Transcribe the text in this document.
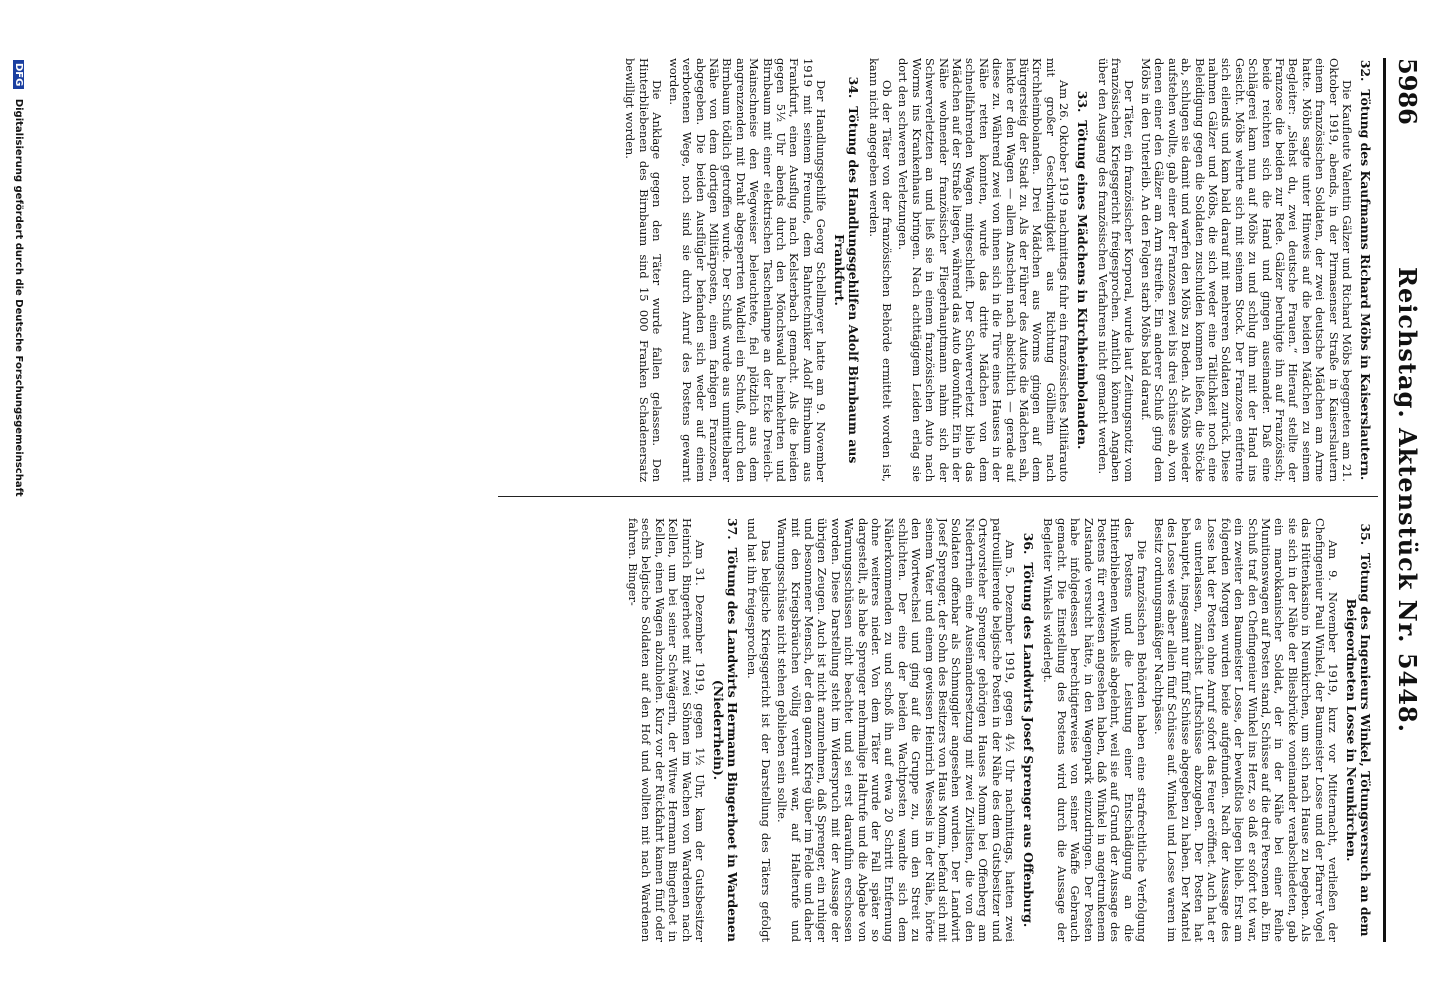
5986
Reichstag. Aktenstück Nr. 5448.
32.Tötung des Kaufmanns Richard Möbs in Kaiserslautern.

Die Kaufleute Valentin Gälzer und Richard Möbs begegneten am 21. Oktober 1919, abends, in der Pirmasenser Straße in Kaiserslautern einem französischen Soldaten, der zwei deutsche Mädchen am Arme hatte. Möbs sagte unter Hinweis auf die beiden Mädchen zu seinem Begleiter: „Siehst du, zwei deutsche Frauen.“ Hierauf stellte der Franzose die beiden zur Rede. Gälzer beruhigte ihn auf Französisch; beide reichten sich die Hand und gingen auseinander. Daß eine Schlägerei kam nun auf Möbs zu und schlug ihm mit der Hand ins Gesicht. Möbs wehrte sich mit seinem Stock. Der Franzose entfernte sich eilends und kam bald darauf mit mehreren Soldaten zurück. Diese nahmen Gälzer und Möbs, die sich weder eine Tätlichkeit noch eine Beleidigung gegen die Soldaten zuschulden kommen ließen, die Stöcke ab, schlugen sie damit und warfen den Möbs zu Boden. Als Möbs wieder aufstehen wollte, gab einer der Franzosen zwei bis drei Schüsse ab, von denen einer den Gälzer am Arm streifte. Ein anderer Schuß ging dem Möbs in den Unterleib. An den Folgen starb Möbs bald darauf.

Der Täter, ein französischer Korporal, wurde laut Zeitungsnotiz vom französischen Kriegsgericht freigesprochen. Amtlich können Angaben über den Ausgang des französischen Verfahrens nicht gemacht werden.

33.Tötung eines Mädchens in Kirchheimbolanden.

Am 26. Oktober 1919 nachmittags fuhr ein französisches Militärauto mit großer Geschwindigkeit aus Richtung Göllheim nach Kirchheimbolanden. Drei Mädchen aus Worms gingen auf dem Bürgersteig der Stadt zu. Als der Führer des Autos die Mädchen sah, lenkte er den Wagen — allem Anschein nach absichtlich — gerade auf diese zu. Während zwei von ihnen sich in die Türe eines Hauses in der Nähe retten konnten, wurde das dritte Mädchen von dem schnellfahrenden Wagen mitgeschleift. Der Schwerverletzt blieb das Mädchen auf der Straße liegen, während das Auto davonfuhr. Ein in der Nähe wohnender französischer Fliegerhauptmann nahm sich der Schwerverletzten an und ließ sie in einem französischen Auto nach Worms ins Krankenhaus bringen. Nach achttägigem Leiden erlag sie dort den schweren Verletzungen.

Ob der Täter von der französischen Behörde ermittelt worden ist, kann nicht angegeben werden.

34.Tötung des Handlungsgehilfen Adolf Birnbaum aus Frankfurt.

Der Handlungsgehilfe Georg Schellmeyer hatte am 9. November 1919 mit seinem Freunde, dem Bahntechniker Adolf Birnbaum aus Frankfurt, einen Ausflug nach Kelsterbach gemacht. Als die beiden gegen 5½ Uhr abends durch den Mönchswald heimkehrten und Birnbaum mit einer elektrischen Taschenlampe an der Ecke Dreieich-Mainschneise den Wegweiser beleuchtete, fiel plötzlich aus dem angrenzenden mit Draht abgesperrten Waldteil ein Schuß, durch den Birnbaum tödlich getroffen wurde. Der Schuß wurde aus unmittelbarer Nähe von dem dortigen Militärposten, einem farbigen Franzosen, abgegeben. Die beiden Ausflügler befanden sich weder auf einem verbotenen Wege, noch sind sie durch Anruf des Postens gewarnt worden.

Die Anklage gegen den Täter wurde fallen gelassen. Den Hinterbliebenen des Birnbaum sind 15 000 Franken Schadenersatz bewilligt worden.

35.Tötung des Ingenieurs Winkel, Tötungsversuch an dem Beigeordneten Losse in Neunkirchen.

Am 9. November 1919, kurz vor Mitternacht, verließen der Chefingenieur Paul Winkel, der Baumeister Losse und der Pfarrer Vogel das Hüttenkasino in Neunkirchen, um sich nach Hause zu begeben. Als sie sich in der Nähe der Bliesbrücke voneinander verabschiedeten, gab ein marokkanischer Soldat, der in der Nähe bei einer Reihe Munitionswagen auf Posten stand, Schüsse auf die drei Personen ab. Ein Schuß traf den Chefingenieur Winkel ins Herz, so daß er sofort tot war, ein zweiter den Baumeister Losse, der bewußtlos liegen blieb. Erst am folgenden Morgen wurden beide aufgefunden. Nach der Aussage des Losse hat der Posten ohne Anruf sofort das Feuer eröffnet. Auch hat er es unterlassen, zunächst Luftschüsse abzugeben. Der Posten hat behauptet, insgesamt nur fünf Schüsse abgegeben zu haben. Der Mantel des Losse wies aber allein fünf Schüsse auf. Winkel und Losse waren im Besitz ordnungsmäßiger Nachtpässe.

Die französischen Behörden haben eine strafrechtliche Verfolgung des Postens und die Leistung einer Entschädigung an die Hinterbliebenen Winkels abgelehnt, weil sie auf Grund der Aussage des Postens für erwiesen angesehen haben, daß Winkel in angetrunkenem Zustande versucht hätte, in den Wagenpark einzudringen. Der Posten habe infolgedessen berechtigterweise von seiner Waffe Gebrauch gemacht. Die Einstellung des Postens wird durch die Aussage der Begleiter Winkels widerlegt.

36.Tötung des Landwirts Josef Sprenger aus Offenburg.

Am 5. Dezember 1919, gegen 4½ Uhr nachmittags, hatten zwei patrouillierende belgische Posten in der Nähe des dem Gutsbesitzer und Ortsvorsteher Sprenger gehörigen Hauses Momm bei Offenberg am Niederrhein eine Auseinandersetzung mit zwei Zivilisten, die von den Soldaten offenbar als Schmuggler angesehen wurden. Der Landwirt Josef Sprenger, der Sohn des Besitzers von Haus Momm, befand sich mit seinem Vater und einem gewissen Heinrich Wessels in der Nähe, hörte den Wortwechsel und ging auf die Gruppe zu, um den Streit zu schlichten. Der eine der beiden Wachtposten wandte sich dem Näherkommenden zu und schoß ihn auf etwa 20 Schritt Entfernung ohne weiteres nieder. Von dem Täter wurde der Fall später so dargestellt, als habe Sprenger mehrmalige Haltrufe und die Abgabe von Warnungsschüssen nicht beachtet und sei erst daraufhin erschossen worden. Diese Darstellung steht im Widerspruch mit der Aussage der übrigen Zeugen. Auch ist nicht anzunehmen, daß Sprenger, ein ruhiger und besonnener Mensch, der den ganzen Krieg über im Felde und daher mit den Kriegsbräuchen völlig vertraut war, auf Halterufe und Warnungsschüsse nicht stehen geblieben sein sollte.

Das belgische Kriegsgericht ist der Darstellung des Täters gefolgt und hat ihn freigesprochen.

37.Tötung des Landwirts Hermann Bingerhoet in Wardenen (Niederrhein).

Am 31. Dezember 1919, gegen 1½ Uhr, kam der Gutsbesitzer Heinrich Bingerhoet mit zwei Söhnen im Wachen von Wardenen nach Kellen, um bei seiner Schwägerin, der Witwe Hermann Bingerhoet in Kellen, einen Wagen abzuholen. Kurz vor der Rückfahrt kamen fünf oder sechs belgische Soldaten auf den Hof und wollten mit nach Wardenen fahren. Binger-

DFG Digitalisierung gefördert durch die Deutsche Forschungsgemeinschaft
